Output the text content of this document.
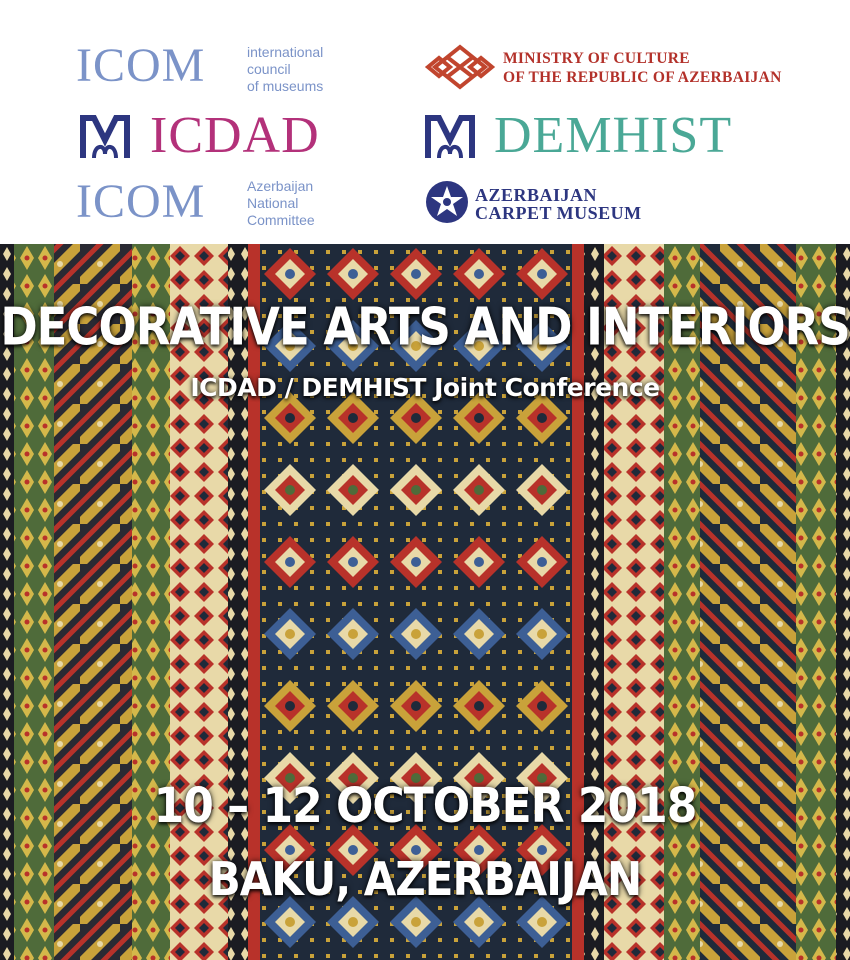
ICOM	international
council
of museums
ICDAD
ICOM	Azerbaijan
National
Committee
MINISTRY OF CULTURE
OF THE REPUBLIC OF AZERBAIJAN
DEMHIST
AZERBAIJAN
CARPET MUSEUM
DECORATIVE ARTS AND INTERIORS
ICDAD / DEMHIST Joint Conference
10 – 12 OCTOBER 2018
BAKU, AZERBAIJAN
